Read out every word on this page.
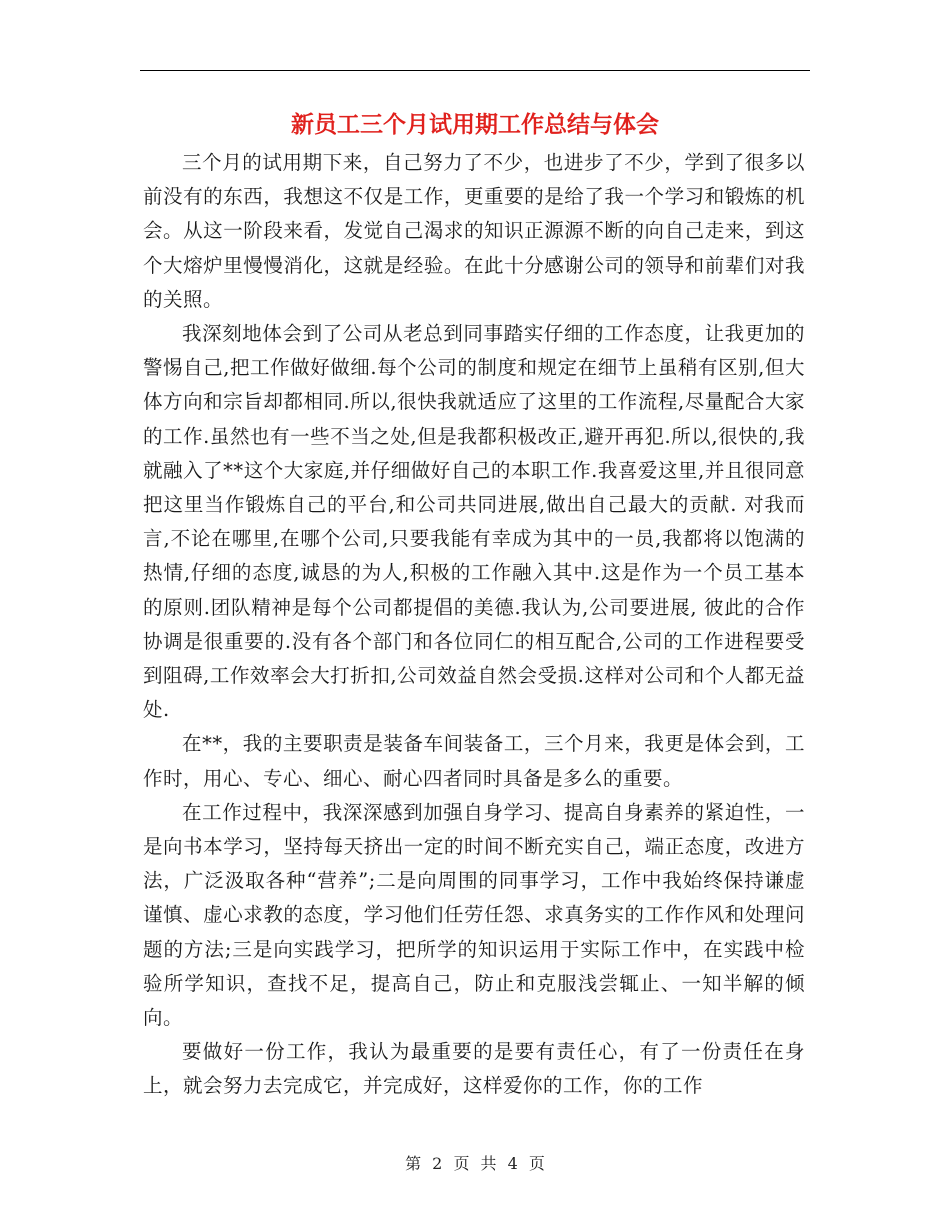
新员工三个月试用期工作总结与体会

三个月的试用期下来，自己努力了不少，也进步了不少，学到了很多以前没有的东西，我想这不仅是工作，更重要的是给了我一个学习和锻炼的机会。从这一阶段来看，发觉自己渴求的知识正源源不断的向自己走来，到这个大熔炉里慢慢消化，这就是经验。在此十分感谢公司的领导和前辈们对我的关照。

我深刻地体会到了公司从老总到同事踏实仔细的工作态度，让我更加的警惕自己,把工作做好做细.每个公司的制度和规定在细节上虽稍有区别,但大体方向和宗旨却都相同.所以,很快我就适应了这里的工作流程,尽量配合大家的工作.虽然也有一些不当之处,但是我都积极改正,避开再犯.所以,很快的,我就融入了**这个大家庭,并仔细做好自己的本职工作.我喜爱这里,并且很同意把这里当作锻炼自己的平台,和公司共同进展,做出自己最大的贡献. 对我而言,不论在哪里,在哪个公司,只要我能有幸成为其中的一员,我都将以饱满的热情,仔细的态度,诚恳的为人,积极的工作融入其中.这是作为一个员工基本的原则.团队精神是每个公司都提倡的美德.我认为,公司要进展, 彼此的合作协调是很重要的.没有各个部门和各位同仁的相互配合,公司的工作进程要受到阻碍,工作效率会大打折扣,公司效益自然会受损.这样对公司和个人都无益处.

在**，我的主要职责是装备车间装备工，三个月来，我更是体会到，工作时，用心、专心、细心、耐心四者同时具备是多么的重要。

在工作过程中，我深深感到加强自身学习、提高自身素养的紧迫性，一是向书本学习，坚持每天挤出一定的时间不断充实自己，端正态度，改进方法，广泛汲取各种“营养”;二是向周围的同事学习，工作中我始终保持谦虚谨慎、虚心求教的态度，学习他们任劳任怨、求真务实的工作作风和处理问题的方法;三是向实践学习，把所学的知识运用于实际工作中，在实践中检验所学知识，查找不足，提高自己，防止和克服浅尝辄止、一知半解的倾向。

要做好一份工作，我认为最重要的是要有责任心，有了一份责任在身上，就会努力去完成它，并完成好，这样爱你的工作，你的工作

第 2 页 共 4 页
